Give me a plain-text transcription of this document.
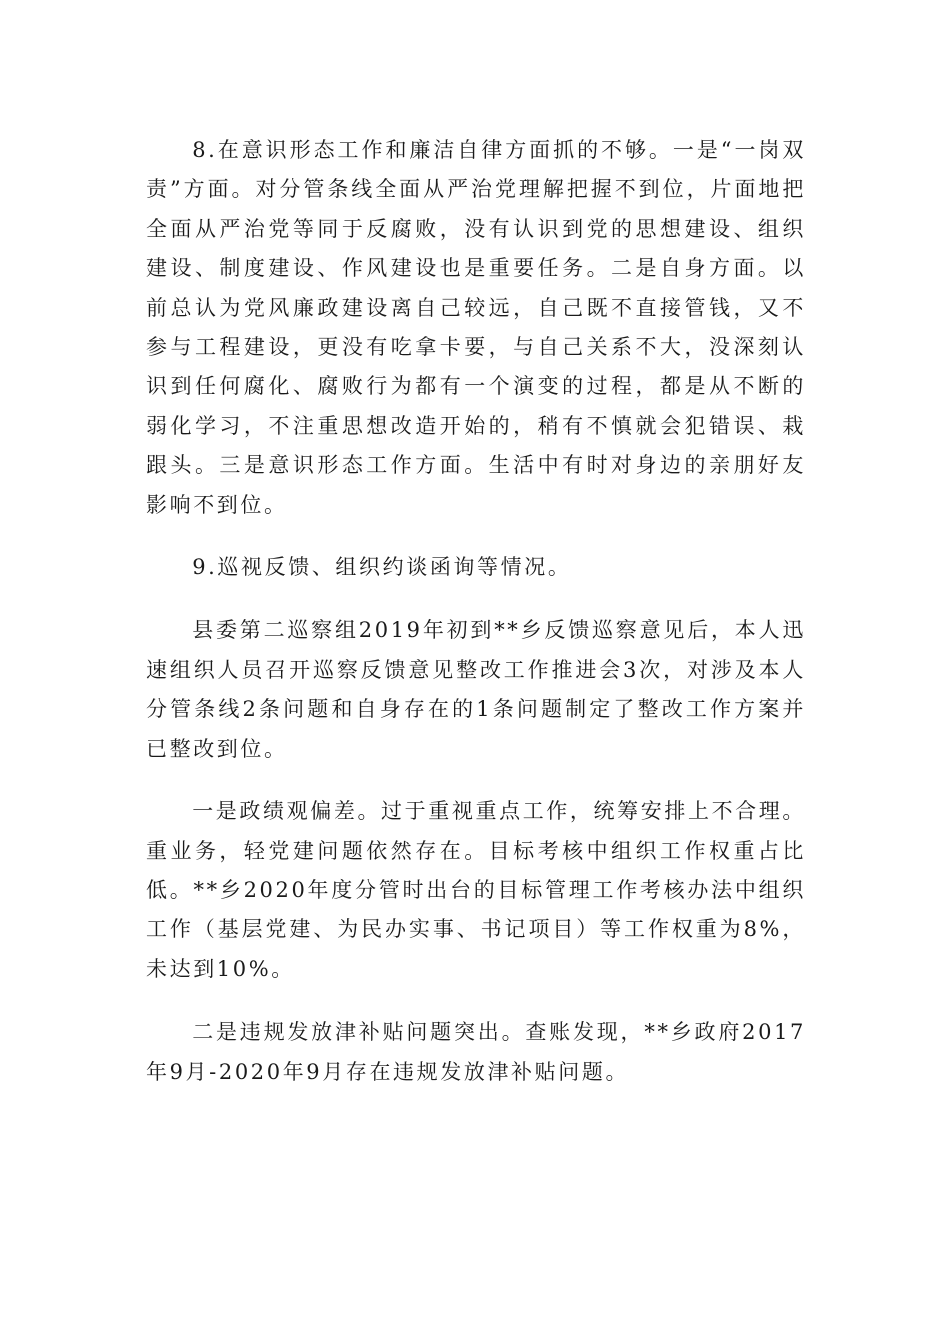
8.在意识形态工作和廉洁自律方面抓的不够。一是“一岗双责”方面。对分管条线全面从严治党理解把握不到位，片面地把全面从严治党等同于反腐败，没有认识到党的思想建设、组织建设、制度建设、作风建设也是重要任务。二是自身方面。以前总认为党风廉政建设离自己较远，自己既不直接管钱，又不参与工程建设，更没有吃拿卡要，与自己关系不大，没深刻认识到任何腐化、腐败行为都有一个演变的过程，都是从不断的弱化学习，不注重思想改造开始的，稍有不慎就会犯错误、栽跟头。三是意识形态工作方面。生活中有时对身边的亲朋好友影响不到位。

9.巡视反馈、组织约谈函询等情况。

县委第二巡察组2019年初到**乡反馈巡察意见后，本人迅速组织人员召开巡察反馈意见整改工作推进会3次，对涉及本人分管条线2条问题和自身存在的1条问题制定了整改工作方案并已整改到位。

一是政绩观偏差。过于重视重点工作，统筹安排上不合理。重业务，轻党建问题依然存在。目标考核中组织工作权重占比低。**乡2020年度分管时出台的目标管理工作考核办法中组织工作（基层党建、为民办实事、书记项目）等工作权重为8%，未达到10%。

二是违规发放津补贴问题突出。查账发现，**乡政府2017年9月-2020年9月存在违规发放津补贴问题。
